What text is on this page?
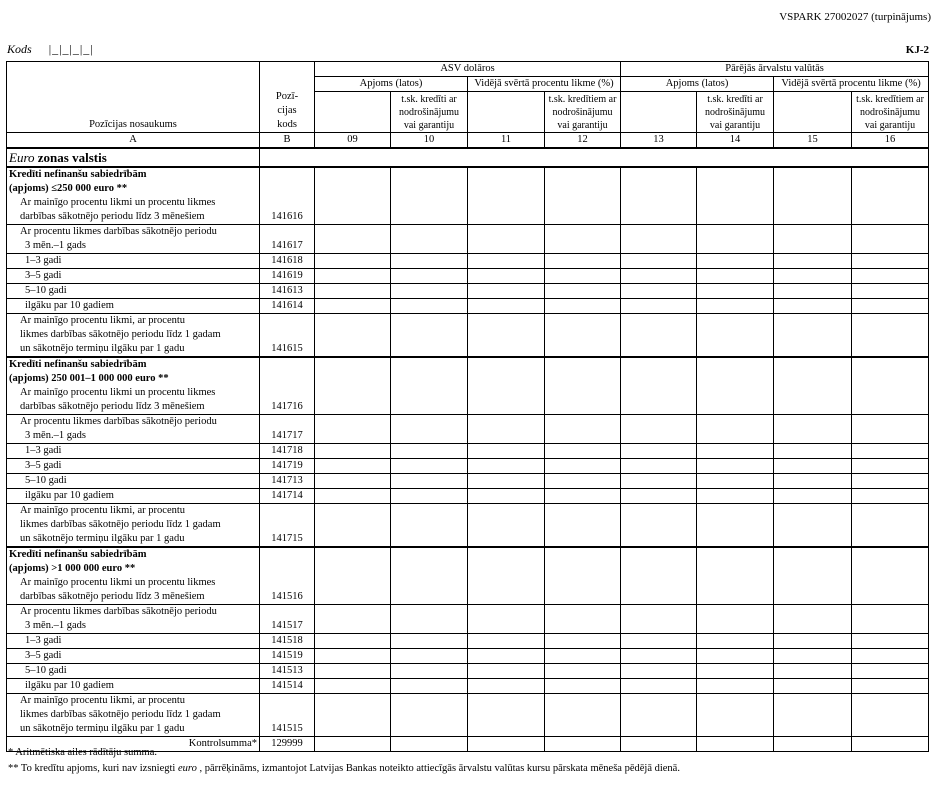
VSPARK 27002027 (turpinājums)
Kods |_|_|_|_|	KJ-2
Pozīcijas nosaukums	Pozī-
cijas
kods	ASV dolāros				Pārējās ārvalstu valūtās			
		Apjoms (latos)		Vidējā svērtā procentu likme (%)		Apjoms (latos)		Vidējā svērtā procentu likme (%)	
			t.sk. kredīti ar
nodrošinājumu
vai garantiju		t.sk. kredītiem ar
nodrošinājumu
vai garantiju		t.sk. kredīti ar
nodrošinājumu
vai garantiju		t.sk. kredītiem ar
nodrošinājumu
vai garantiju
A	B	09	10	11	12	13	14	15	16
Euro zonas valstis									

Kredīti nefinanšu sabiedrībām
(apjoms) ≤250 000 euro **
Ar mainīgo procentu likmi un procentu likmes
darbības sākotnējo periodu līdz 3 mēnešiem	141616								

Ar procentu likmes darbības sākotnējo periodu
3 mēn.–1 gads	141617								

1–3 gadi	141618								

3–5 gadi	141619								

5–10 gadi	141613								

ilgāku par 10 gadiem	141614								

Ar mainīgo procentu likmi, ar procentu
likmes darbības sākotnējo periodu līdz 1 gadam
un sākotnējo termiņu ilgāku par 1 gadu	141615								

Kredīti nefinanšu sabiedrībām
(apjoms) 250 001–1 000 000 euro **
Ar mainīgo procentu likmi un procentu likmes
darbības sākotnējo periodu līdz 3 mēnešiem	141716								

Ar procentu likmes darbības sākotnējo periodu
3 mēn.–1 gads	141717								

1–3 gadi	141718								

3–5 gadi	141719								

5–10 gadi	141713								

ilgāku par 10 gadiem	141714								

Ar mainīgo procentu likmi, ar procentu
likmes darbības sākotnējo periodu līdz 1 gadam
un sākotnējo termiņu ilgāku par 1 gadu	141715								

Kredīti nefinanšu sabiedrībām
(apjoms) >1 000 000 euro **
Ar mainīgo procentu likmi un procentu likmes
darbības sākotnējo periodu līdz 3 mēnešiem	141516								

Ar procentu likmes darbības sākotnējo periodu
3 mēn.–1 gads	141517								

1–3 gadi	141518								

3–5 gadi	141519								

5–10 gadi	141513								

ilgāku par 10 gadiem	141514								

Ar mainīgo procentu likmi, ar procentu
likmes darbības sākotnējo periodu līdz 1 gadam
un sākotnējo termiņu ilgāku par 1 gadu	141515								
Kontrolsumma*	129999								
* Aritmētiska ailes rādītāju summa.
** To kredītu apjoms, kuri nav izsniegti euro , pārrēķināms, izmantojot Latvijas Bankas noteikto attiecīgās ārvalstu valūtas kursu pārskata mēneša pēdējā dienā.
